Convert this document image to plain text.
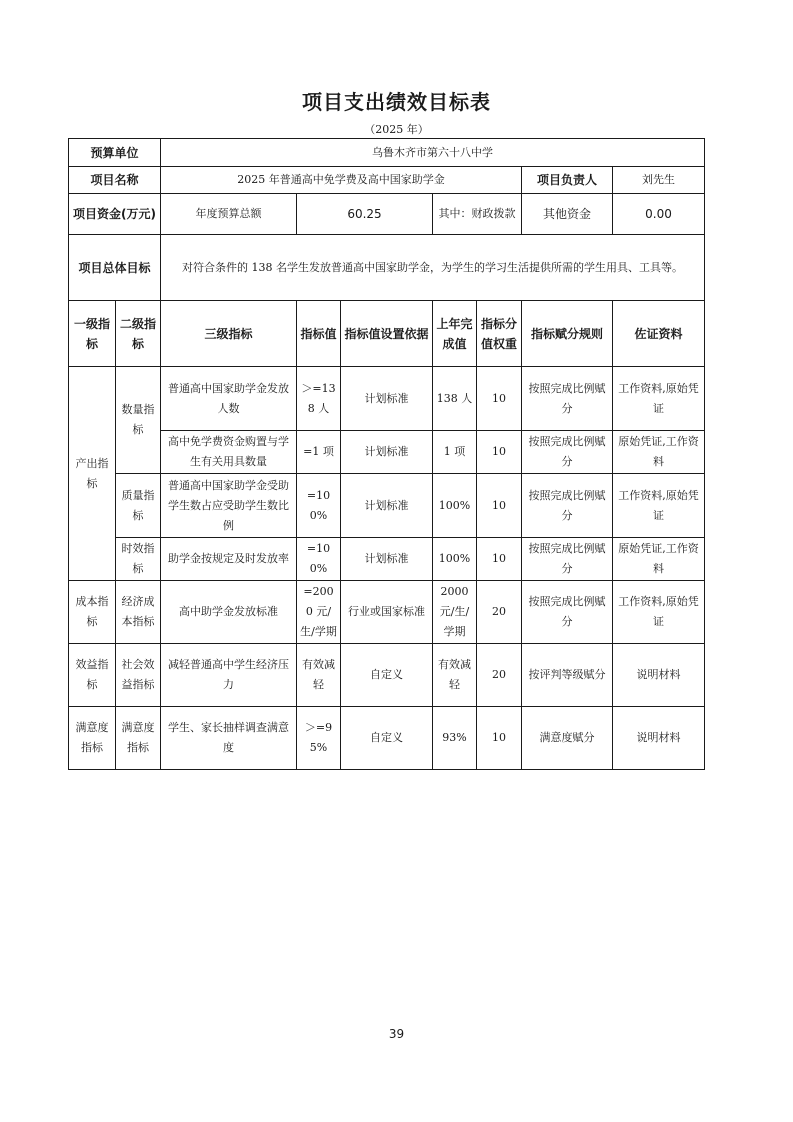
项目支出绩效目标表
（2025 年）
预算单位		乌鲁木齐市第六十八中学						
项目名称		2025 年普通高中免学费及高中国家助学金					项目负责人	刘先生
项目资金(万元)		年度预算总额	60.25		其中：财政拨款		其他资金	0.00
项目总体目标		对符合条件的 138 名学生发放普通高中国家助学金，为学生的学习生活提供所需的学生用具、工具等。						
一级指标	二级指标	三级指标	指标值	指标值设置依据	上年完成值	指标分值权重	指标赋分规则	佐证资料
产出指标	数量指标	普通高中国家助学金发放人数	＞=138 人	计划标准	138 人	10	按照完成比例赋分	工作资料,原始凭证
		高中免学费资金购置与学生有关用具数量	=1 项	计划标准	1 项	10	按照完成比例赋分	原始凭证,工作资料
	质量指标	普通高中国家助学金受助学生数占应受助学生数比例	=100%	计划标准	100%	10	按照完成比例赋分	工作资料,原始凭证
	时效指标	助学金按规定及时发放率	=100%	计划标准	100%	10	按照完成比例赋分	原始凭证,工作资料
成本指标	经济成本指标	高中助学金发放标准	=2000 元/生/学期	行业或国家标准	2000 元/生/学期	20	按照完成比例赋分	工作资料,原始凭证
效益指标	社会效益指标	减轻普通高中学生经济压力	有效减轻	自定义	有效减轻	20	按评判等级赋分	说明材料
满意度指标	满意度指标	学生、家长抽样调查满意度	＞=95%	自定义	93%	10	满意度赋分	说明材料
39
